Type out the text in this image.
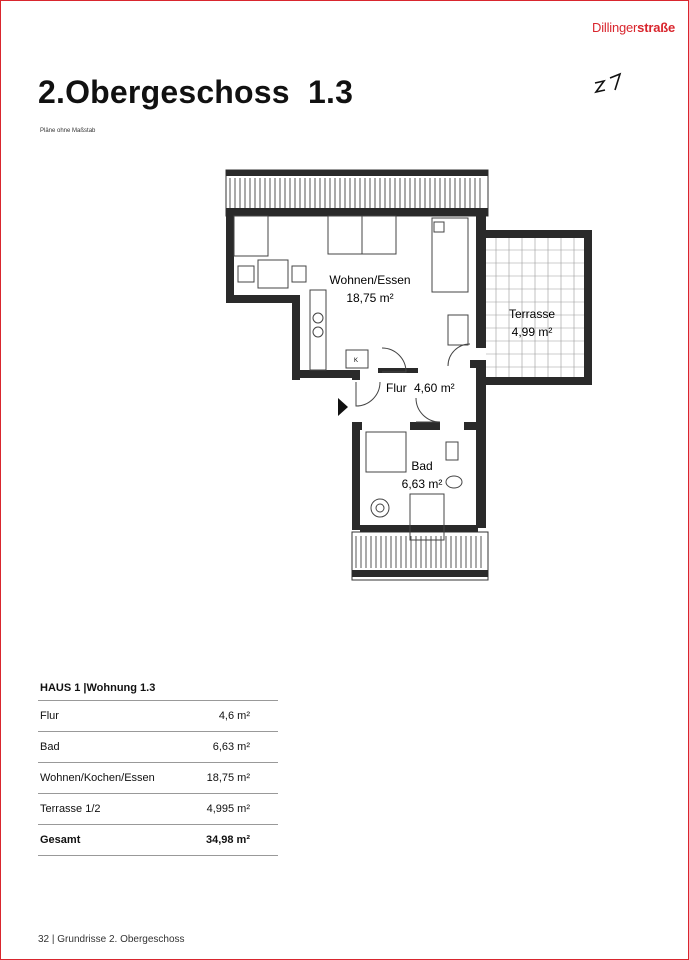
Dillingerstraße
2.Obergeschoss  1.3
Pläne ohne Maßstab
Wohnen/Essen
18,75 m²
Terrasse
4,99 m²
Flur 4,60 m²
Bad
6,63 m²
K
HAUS 1 |Wohnung 1.3
Flur	4,6 m²
Bad	6,63 m²
Wohnen/Kochen/Essen	18,75 m²
Terrasse 1/2	4,995 m²
Gesamt	34,98 m²
32 | Grundrisse 2. Obergeschoss
